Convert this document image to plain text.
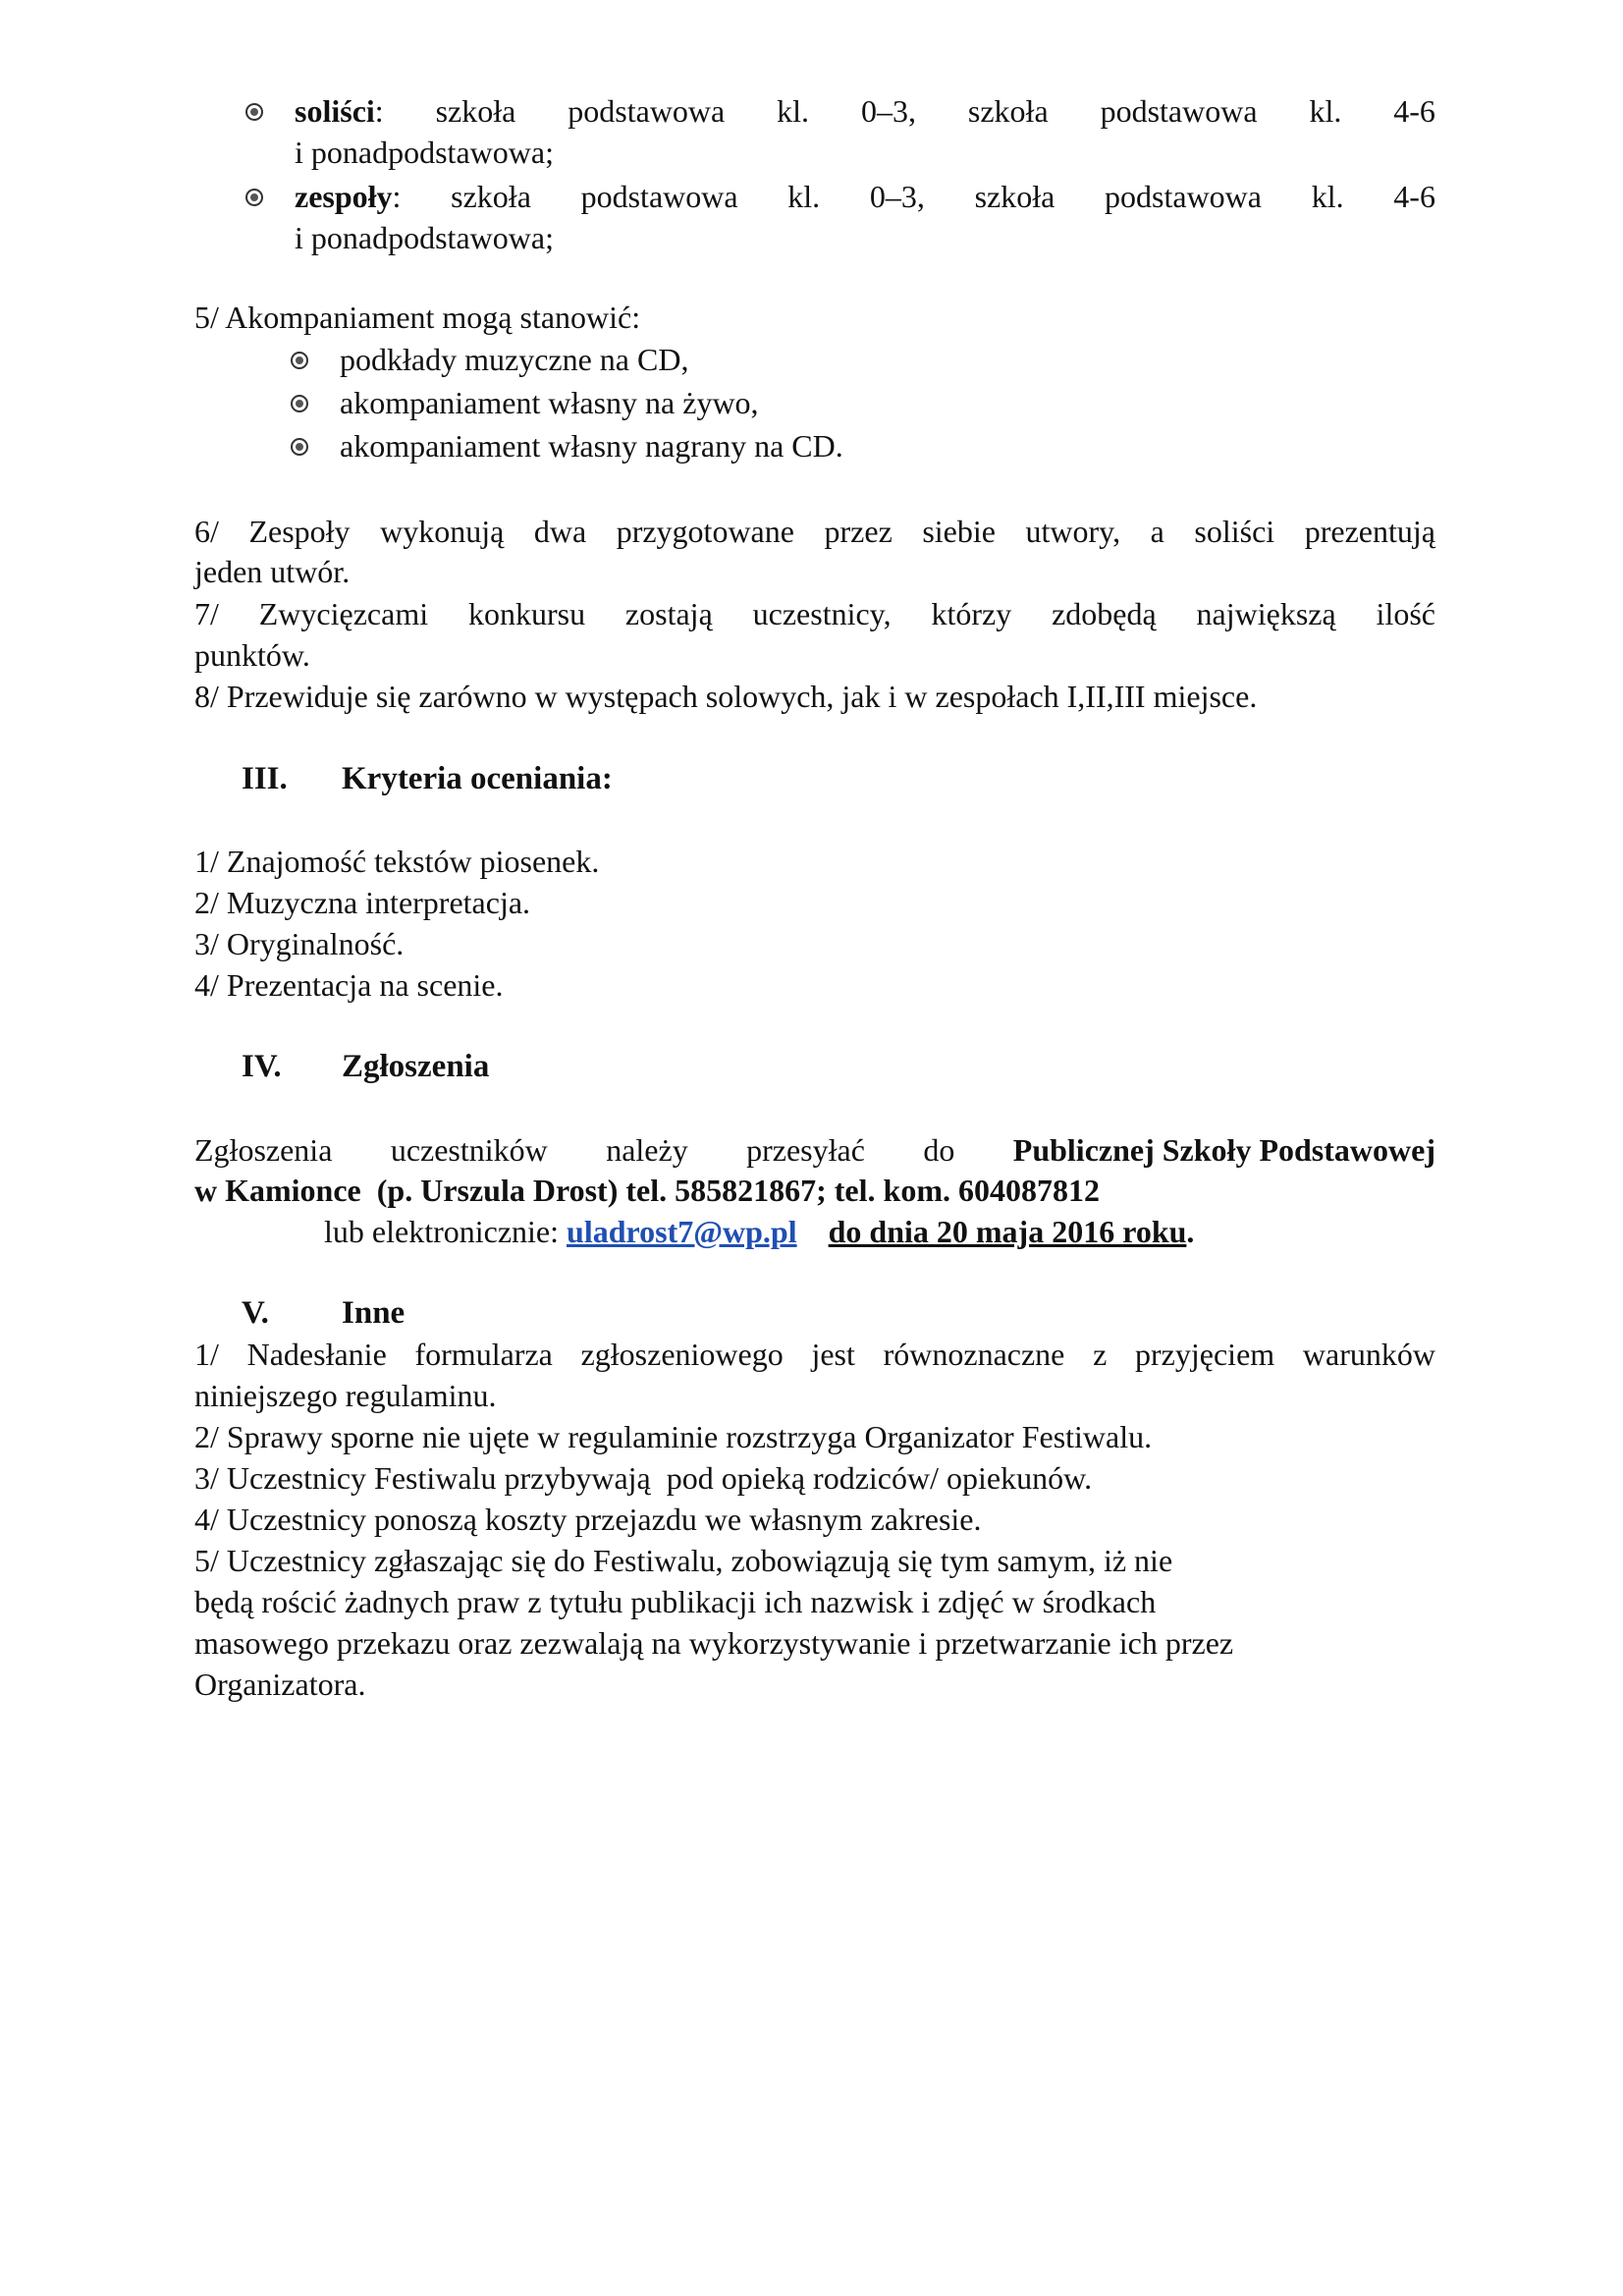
soliści: szkoła podstawowa kl. 0–3, szkoła podstawowa kl. 4-6
i ponadpodstawowa;
zespoły: szkoła podstawowa kl. 0–3, szkoła podstawowa kl. 4-6
i ponadpodstawowa;
5/ Akompaniament mogą stanowić:
podkłady muzyczne na CD,
akompaniament własny na żywo,
akompaniament własny nagrany na CD.
6/ Zespoły wykonują dwa przygotowane przez siebie utwory, a soliści prezentują
jeden utwór.
7/ Zwycięzcami konkursu zostają uczestnicy, którzy zdobędą największą ilość
punktów.
8/ Przewiduje się zarówno w występach solowych, jak i w zespołach I,II,III miejsce.
III. Kryteria oceniania:
1/ Znajomość tekstów piosenek.
2/ Muzyczna interpretacja.
3/ Oryginalność.
4/ Prezentacja na scenie.
IV. Zgłoszenia
Zgłoszenia uczestników należy przesyłać do Publicznej Szkoły Podstawowej
w Kamionce  (p. Urszula Drost) tel. 585821867; tel. kom. 604087812
lub elektronicznie: uladrost7@wp.pl do dnia 20 maja 2016 roku.
V. Inne
1/ Nadesłanie formularza zgłoszeniowego jest równoznaczne z przyjęciem warunków
niniejszego regulaminu.
2/ Sprawy sporne nie ujęte w regulaminie rozstrzyga Organizator Festiwalu.
3/ Uczestnicy Festiwalu przybywają  pod opieką rodziców/ opiekunów.
4/ Uczestnicy ponoszą koszty przejazdu we własnym zakresie.
5/ Uczestnicy zgłaszając się do Festiwalu, zobowiązują się tym samym, iż nie
będą rościć żadnych praw z tytułu publikacji ich nazwisk i zdjęć w środkach
masowego przekazu oraz zezwalają na wykorzystywanie i przetwarzanie ich przez
Organizatora.
